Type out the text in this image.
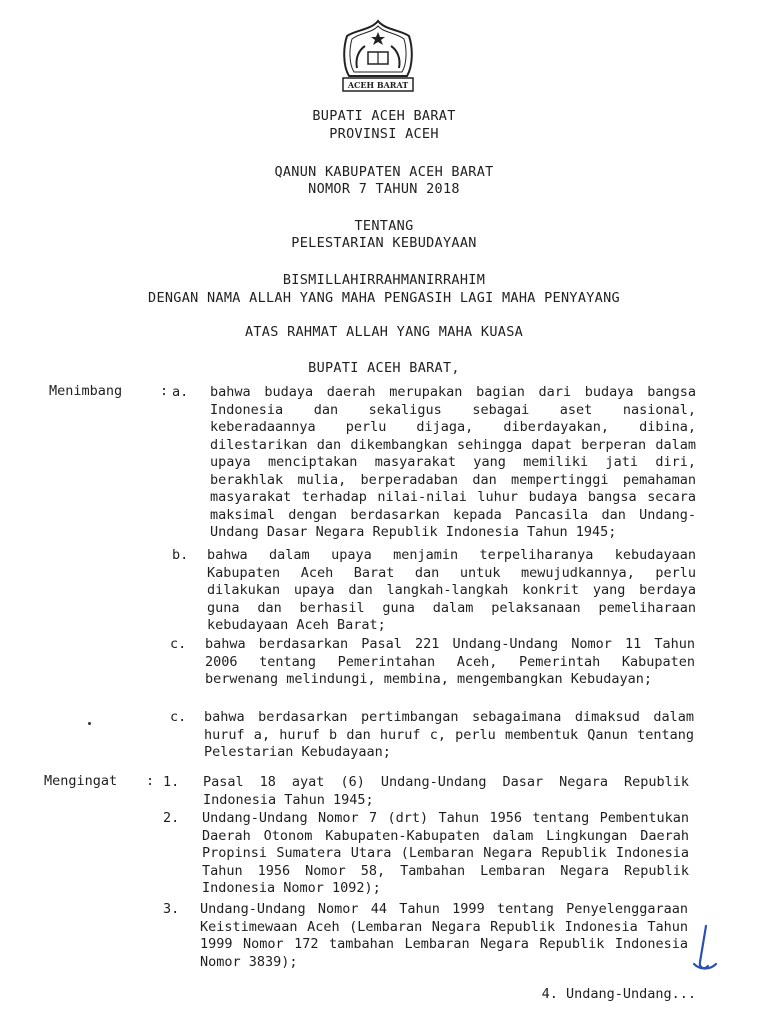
ACEH BARAT
BUPATI ACEH BARAT
PROVINSI ACEH
QANUN KABUPATEN ACEH BARAT
NOMOR 7 TAHUN 2018
TENTANG
PELESTARIAN KEBUDAYAAN
BISMILLAHIRRAHMANIRRAHIM
DENGAN NAMA ALLAH YANG MAHA PENGASIH LAGI MAHA PENYAYANG
ATAS RAHMAT ALLAH YANG MAHA KUASA
BUPATI ACEH BARAT,
Menimbang	: a. bahwa budaya daerah merupakan bagian dari budaya bangsa Indonesia dan sekaligus sebagai aset nasional, keberadaannya perlu dijaga, diberdayakan, dibina, dilestarikan dan dikembangkan sehingga dapat berperan dalam upaya menciptakan masyarakat yang memiliki jati diri, berakhlak mulia, berperadaban dan mempertinggi pemahaman masyarakat terhadap nilai-nilai luhur budaya bangsa secara maksimal dengan berdasarkan kepada Pancasila dan Undang-Undang Dasar Negara Republik Indonesia Tahun 1945;
b. bahwa dalam upaya menjamin terpeliharanya kebudayaan Kabupaten Aceh Barat dan untuk mewujudkannya, perlu dilakukan upaya dan langkah-langkah konkrit yang berdaya guna dan berhasil guna dalam pelaksanaan pemeliharaan kebudayaan Aceh Barat;
c. bahwa berdasarkan Pasal 221 Undang-Undang Nomor 11 Tahun 2006 tentang Pemerintahan Aceh, Pemerintah Kabupaten berwenang melindungi, membina, mengembangkan Kebudayan;
c. bahwa berdasarkan pertimbangan sebagaimana dimaksud dalam huruf a, huruf b dan huruf c, perlu membentuk Qanun tentang Pelestarian Kebudayaan;
Mengingat : 1. Pasal 18 ayat (6) Undang-Undang Dasar Negara Republik Indonesia Tahun 1945;
2. Undang-Undang Nomor 7 (drt) Tahun 1956 tentang Pembentukan Daerah Otonom Kabupaten-Kabupaten dalam Lingkungan Daerah Propinsi Sumatera Utara (Lembaran Negara Republik Indonesia Tahun 1956 Nomor 58, Tambahan Lembaran Negara Republik Indonesia Nomor 1092);
3. Undang-Undang Nomor 44 Tahun 1999 tentang Penyelenggaraan Keistimewaan Aceh (Lembaran Negara Republik Indonesia Tahun 1999 Nomor 172 tambahan Lembaran Negara Republik Indonesia Nomor 3839);
4. Undang-Undang...
